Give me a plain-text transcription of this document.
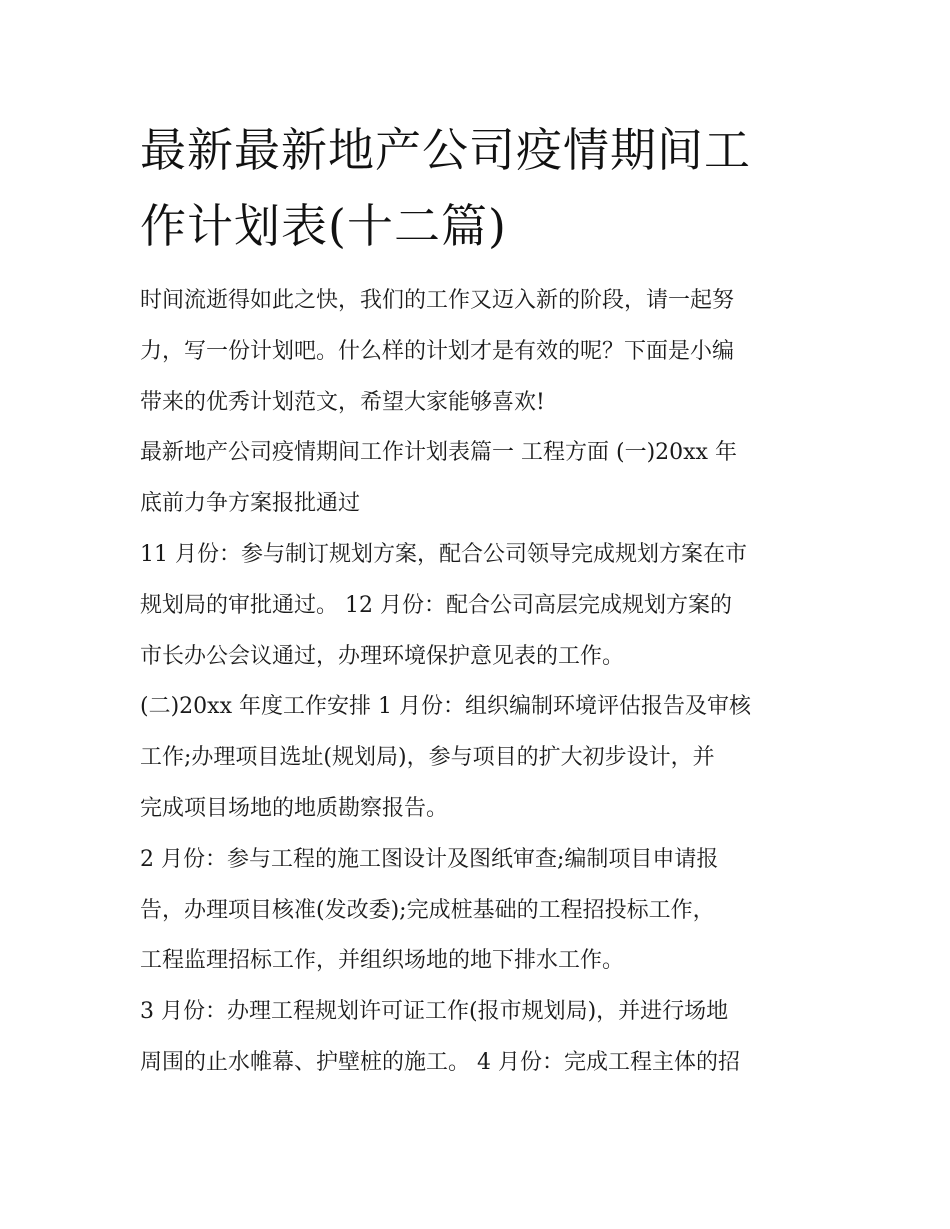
最新最新地产公司疫情期间工
作计划表(十二篇)
时间流逝得如此之快，我们的工作又迈入新的阶段，请一起努
力，写一份计划吧。什么样的计划才是有效的呢？下面是小编
带来的优秀计划范文，希望大家能够喜欢!
最新地产公司疫情期间工作计划表篇一 工程方面 (一)20xx 年
底前力争方案报批通过
11 月份：参与制订规划方案，配合公司领导完成规划方案在市
规划局的审批通过。 12 月份：配合公司高层完成规划方案的
市长办公会议通过，办理环境保护意见表的工作。
(二)20xx 年度工作安排 1 月份：组织编制环境评估报告及审核
工作;办理项目选址(规划局)，参与项目的扩大初步设计，并
完成项目场地的地质勘察报告。
2 月份：参与工程的施工图设计及图纸审查;编制项目申请报
告，办理项目核准(发改委);完成桩基础的工程招投标工作，
工程监理招标工作，并组织场地的地下排水工作。
3 月份：办理工程规划许可证工作(报市规划局)，并进行场地
周围的止水帷幕、护壁桩的施工。 4 月份：完成工程主体的招
